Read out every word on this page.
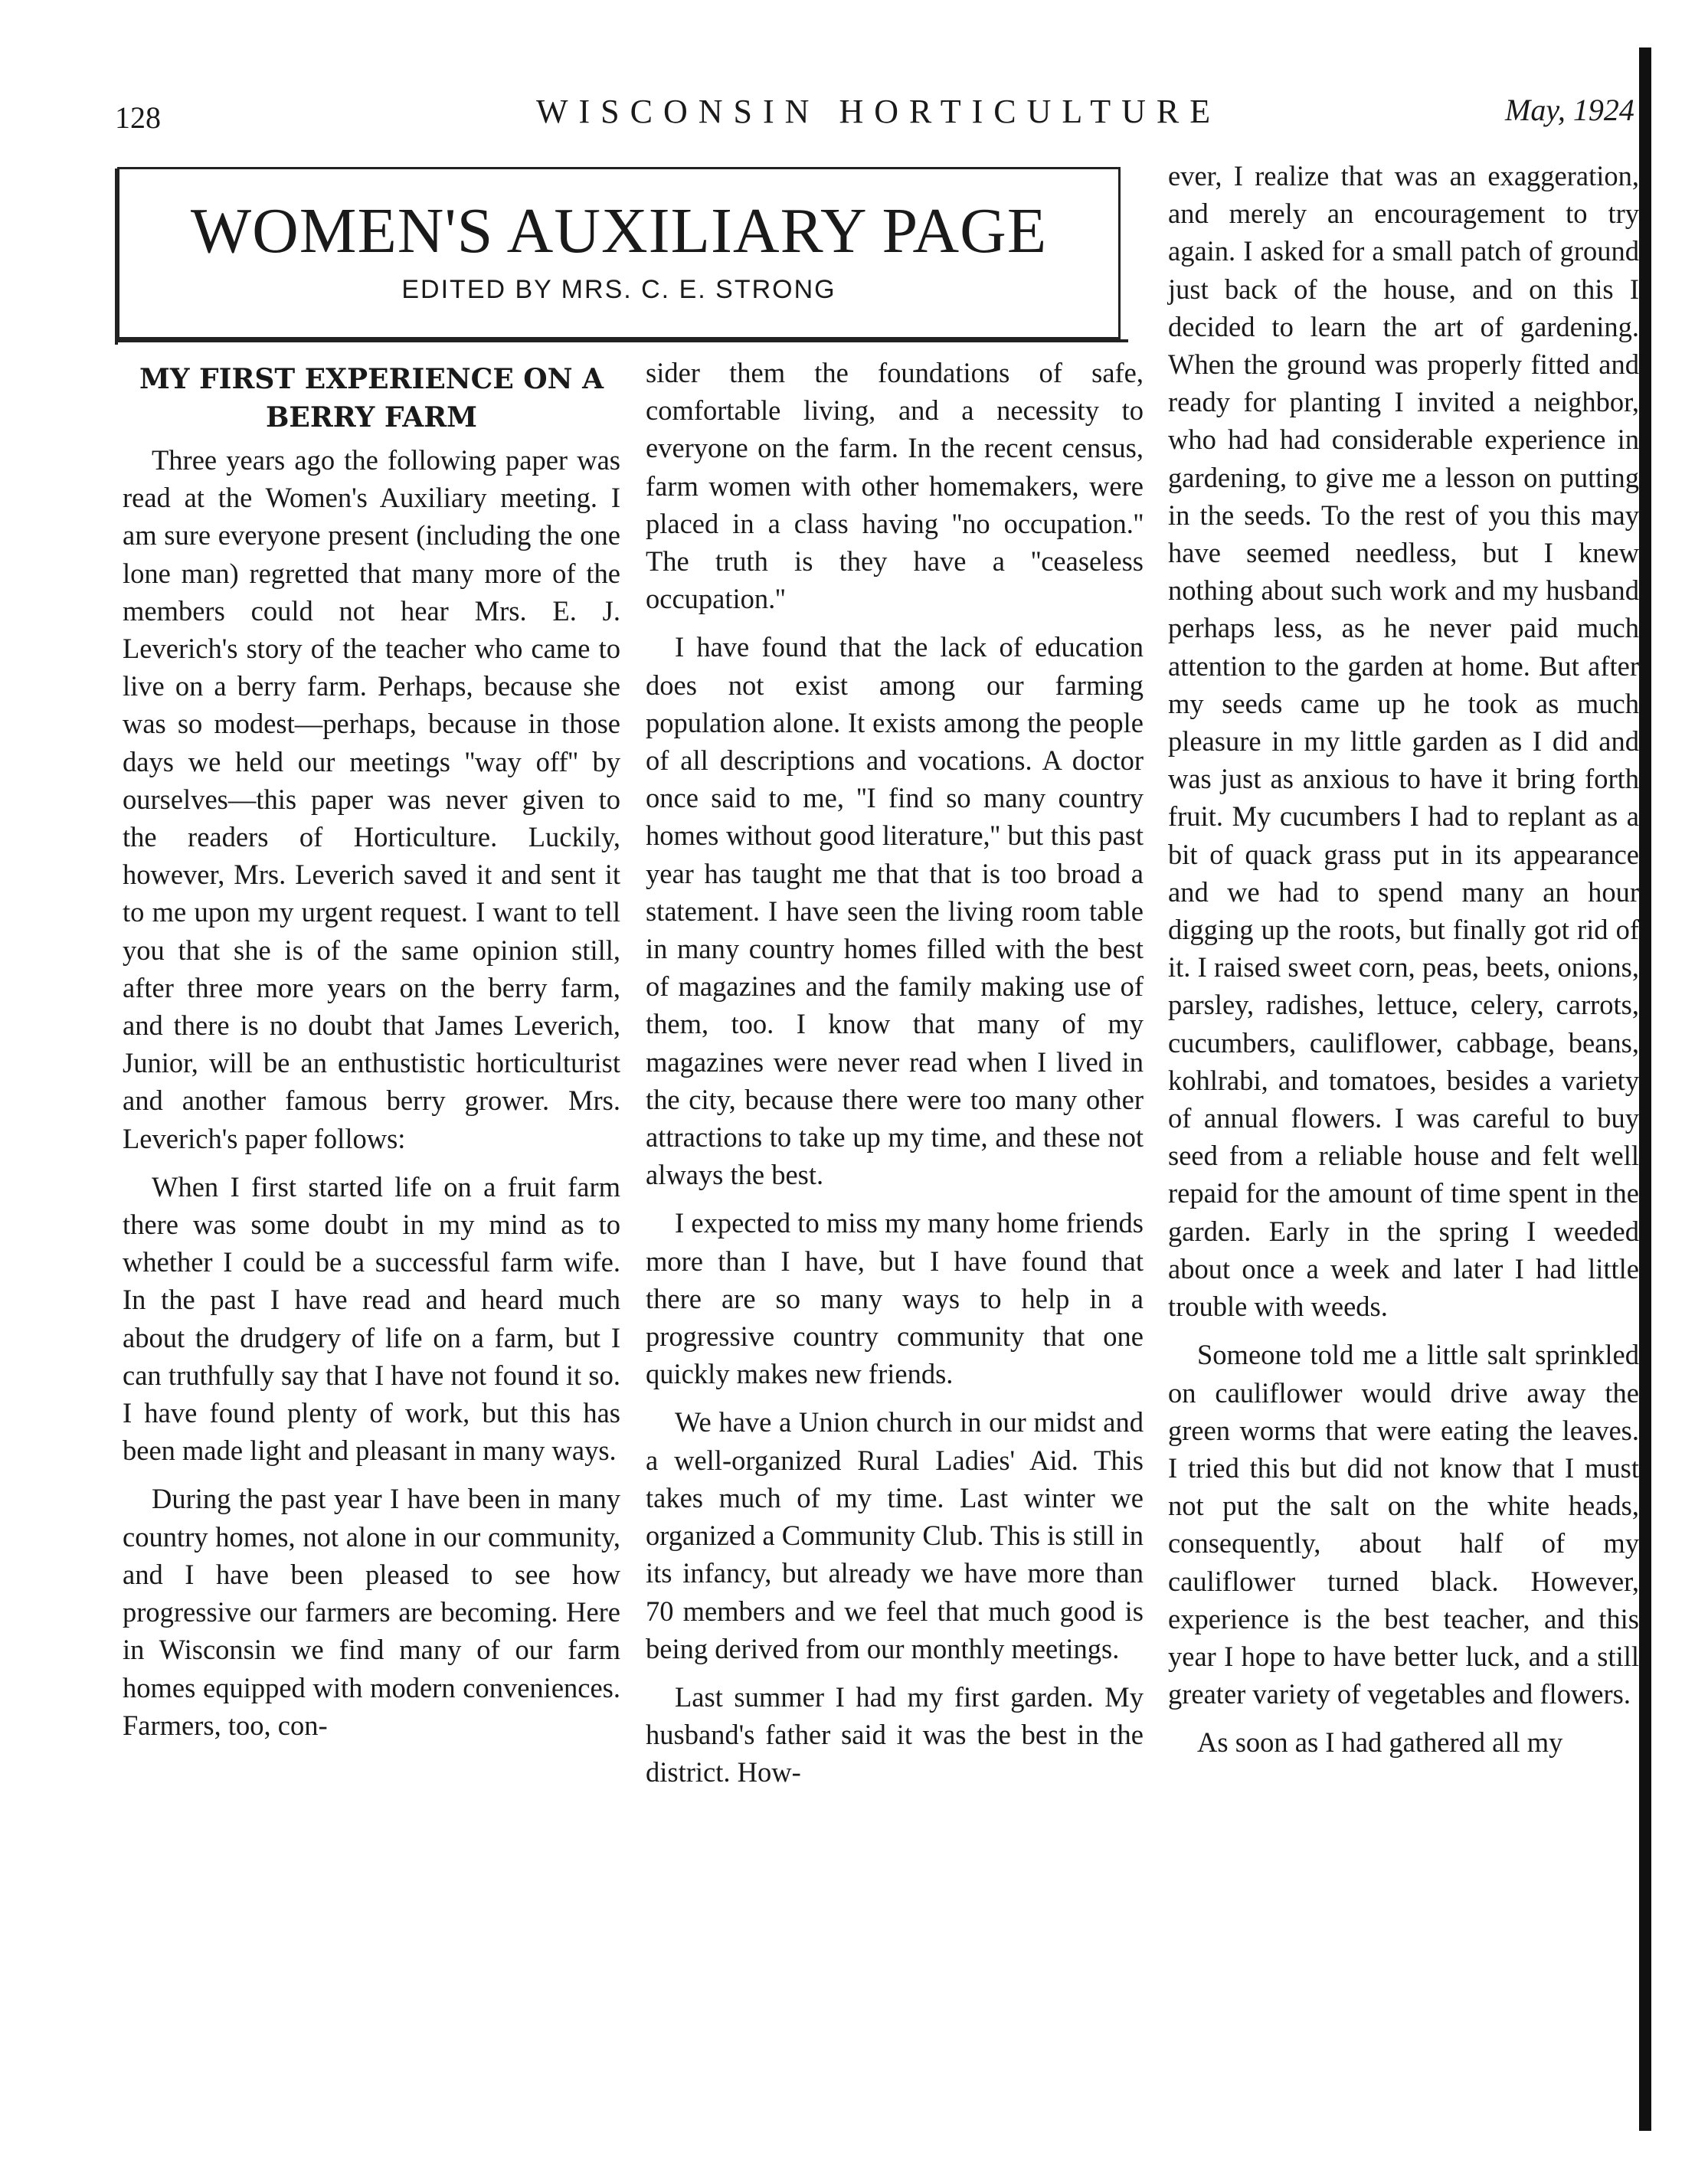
128	WISCONSIN HORTICULTURE	May, 1924
WOMEN'S AUXILIARY PAGE
EDITED BY MRS. C. E. STRONG
MY FIRST EXPERIENCE ON A BERRY FARM

Three years ago the following paper was read at the Women's Auxiliary meeting. I am sure everyone present (including the one lone man) regretted that many more of the members could not hear Mrs. E. J. Leverich's story of the teacher who came to live on a berry farm. Perhaps, because she was so modest—perhaps, because in those days we held our meetings ''way off'' by ourselves—this paper was never given to the readers of Horticulture. Luckily, however, Mrs. Leverich saved it and sent it to me upon my urgent request. I want to tell you that she is of the same opinion still, after three more years on the berry farm, and there is no doubt that James Leverich, Junior, will be an enthustistic horticulturist and another famous berry grower. Mrs. Leverich's paper follows:

When I first started life on a fruit farm there was some doubt in my mind as to whether I could be a successful farm wife. In the past I have read and heard much about the drudgery of life on a farm, but I can truthfully say that I have not found it so. I have found plenty of work, but this has been made light and pleasant in many ways.

During the past year I have been in many country homes, not alone in our community, and I have been pleased to see how progressive our farmers are becoming. Here in Wisconsin we find many of our farm homes equipped with modern conveniences. Farmers, too, con-

sider them the foundations of safe, comfortable living, and a necessity to everyone on the farm. In the recent census, farm women with other homemakers, were placed in a class having ''no occupation.'' The truth is they have a ''ceaseless occupation.''

I have found that the lack of education does not exist among our farming population alone. It exists among the people of all descriptions and vocations. A doctor once said to me, ''I find so many country homes without good literature,'' but this past year has taught me that that is too broad a statement. I have seen the living room table in many country homes filled with the best of magazines and the family making use of them, too. I know that many of my magazines were never read when I lived in the city, because there were too many other attractions to take up my time, and these not always the best.

I expected to miss my many home friends more than I have, but I have found that there are so many ways to help in a progressive country community that one quickly makes new friends.

We have a Union church in our midst and a well-organized Rural Ladies' Aid. This takes much of my time. Last winter we organized a Community Club. This is still in its infancy, but already we have more than 70 members and we feel that much good is being derived from our monthly meetings.

Last summer I had my first garden. My husband's father said it was the best in the district. How-

ever, I realize that was an exaggeration, and merely an encouragement to try again. I asked for a small patch of ground just back of the house, and on this I decided to learn the art of gardening. When the ground was properly fitted and ready for planting I invited a neighbor, who had had considerable experience in gardening, to give me a lesson on putting in the seeds. To the rest of you this may have seemed needless, but I knew nothing about such work and my husband perhaps less, as he never paid much attention to the garden at home. But after my seeds came up he took as much pleasure in my little garden as I did and was just as anxious to have it bring forth fruit. My cucumbers I had to replant as a bit of quack grass put in its appearance and we had to spend many an hour digging up the roots, but finally got rid of it. I raised sweet corn, peas, beets, onions, parsley, radishes, lettuce, celery, carrots, cucumbers, cauliflower, cabbage, beans, kohlrabi, and tomatoes, besides a variety of annual flowers. I was careful to buy seed from a reliable house and felt well repaid for the amount of time spent in the garden. Early in the spring I weeded about once a week and later I had little trouble with weeds.

Someone told me a little salt sprinkled on cauliflower would drive away the green worms that were eating the leaves. I tried this but did not know that I must not put the salt on the white heads, consequently, about half of my cauliflower turned black. However, experience is the best teacher, and this year I hope to have better luck, and a still greater variety of vegetables and flowers.

As soon as I had gathered all my
